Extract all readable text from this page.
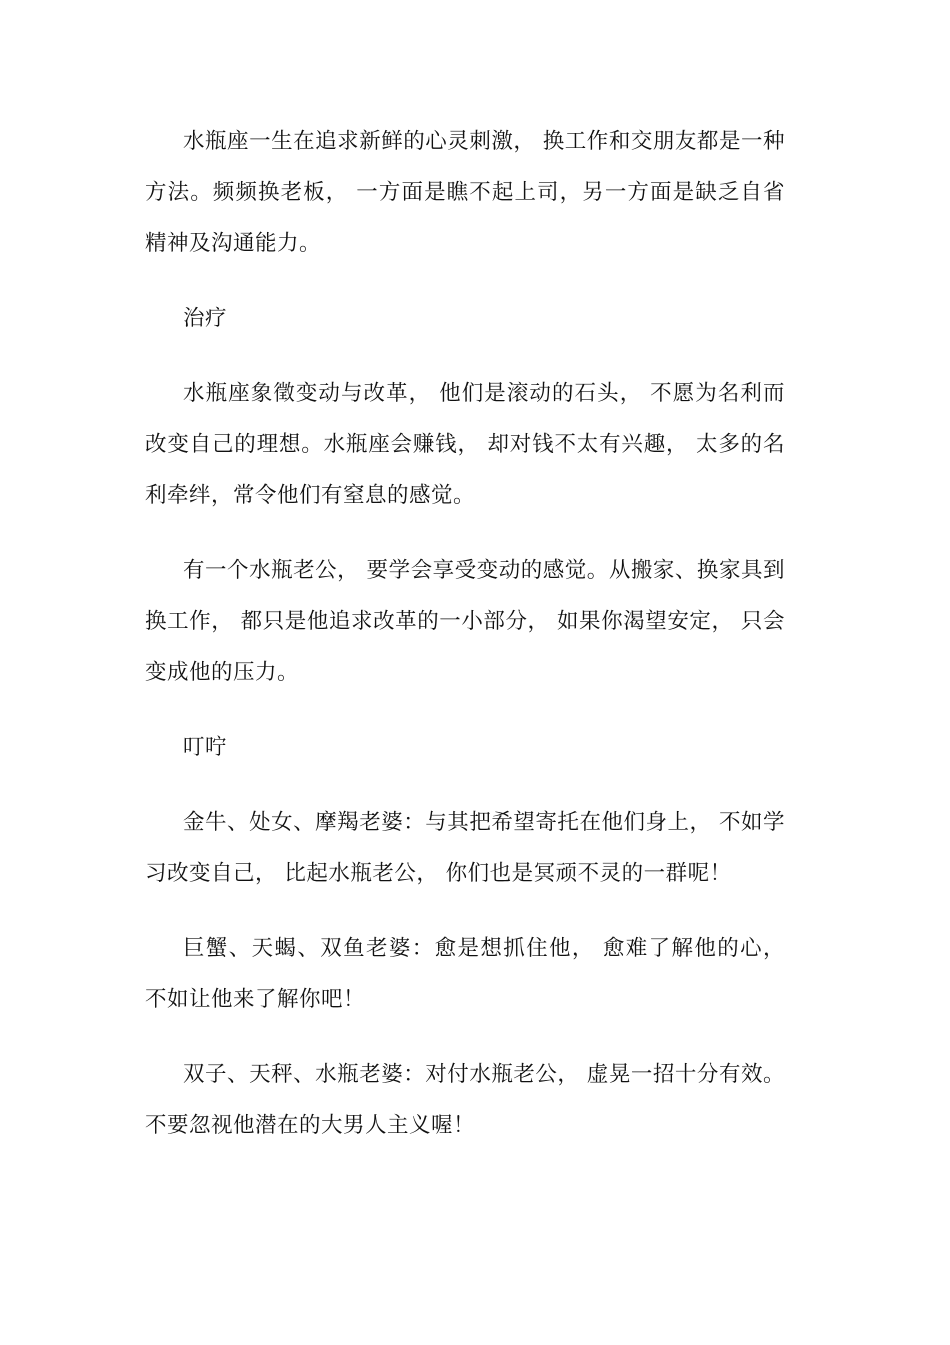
水瓶座一生在追求新鲜的心灵刺激， 换工作和交朋友都是一种方法。频频换老板， 一方面是瞧不起上司，另一方面是缺乏自省精神及沟通能力。

治疗

水瓶座象徵变动与改革， 他们是滚动的石头， 不愿为名利而改变自己的理想。水瓶座会赚钱， 却对钱不太有兴趣， 太多的名利牵绊，常令他们有窒息的感觉。

有一个水瓶老公， 要学会享受变动的感觉。从搬家、换家具到换工作， 都只是他追求改革的一小部分， 如果你渴望安定， 只会变成他的压力。

叮咛

金牛、处女、摩羯老婆：与其把希望寄托在他们身上， 不如学习改变自己， 比起水瓶老公， 你们也是冥顽不灵的一群呢！

巨蟹、天蝎、双鱼老婆：愈是想抓住他， 愈难了解他的心， 不如让他来了解你吧！

双子、天秤、水瓶老婆：对付水瓶老公， 虚晃一招十分有效。不要忽视他潜在的大男人主义喔！
